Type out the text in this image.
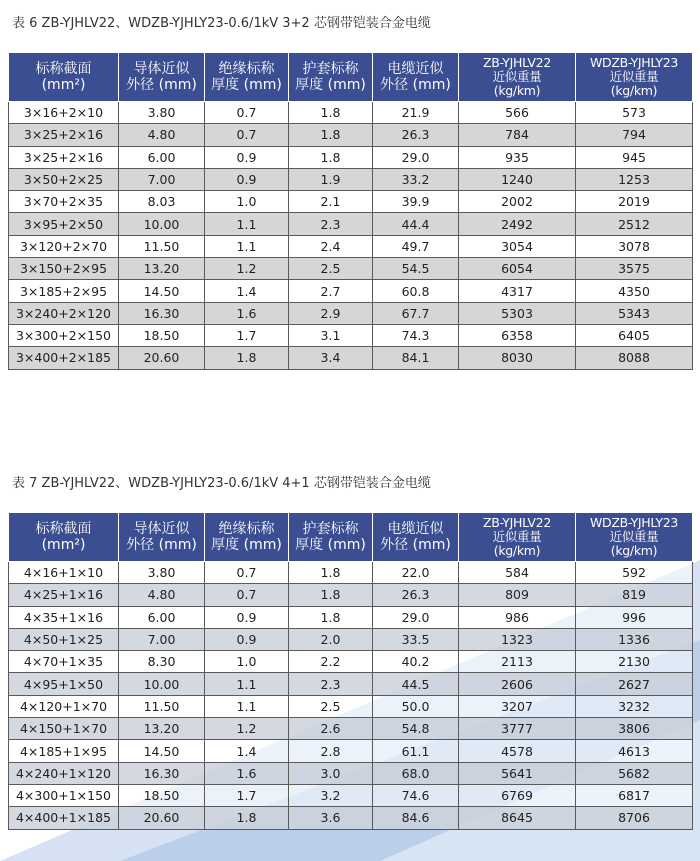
表 6 ZB-YJHLV22、WDZB-YJHLY23-0.6/1kV 3+2 芯钢带铠装合金电缆
标称截面
(mm²)	导体近似
外径 (mm)	绝缘标称
厚度 (mm)	护套标称
厚度 (mm)	电缆近似
外径 (mm)	ZB-YJHLV22
近似重量
(kg/km)	WDZB-YJHLY23
近似重量
(kg/km)

3×16+2×10	3.80	0.7	1.8	21.9	566	573
3×25+2×16	4.80	0.7	1.8	26.3	784	794
3×25+2×16	6.00	0.9	1.8	29.0	935	945
3×50+2×25	7.00	0.9	1.9	33.2	1240	1253
3×70+2×35	8.03	1.0	2.1	39.9	2002	2019
3×95+2×50	10.00	1.1	2.3	44.4	2492	2512
3×120+2×70	11.50	1.1	2.4	49.7	3054	3078
3×150+2×95	13.20	1.2	2.5	54.5	6054	3575
3×185+2×95	14.50	1.4	2.7	60.8	4317	4350
3×240+2×120	16.30	1.6	2.9	67.7	5303	5343
3×300+2×150	18.50	1.7	3.1	74.3	6358	6405
3×400+2×185	20.60	1.8	3.4	84.1	8030	8088
表 7 ZB-YJHLV22、WDZB-YJHLY23-0.6/1kV 4+1 芯钢带铠装合金电缆
标称截面
(mm²)	导体近似
外径 (mm)	绝缘标称
厚度 (mm)	护套标称
厚度 (mm)	电缆近似
外径 (mm)	ZB-YJHLV22
近似重量
(kg/km)	WDZB-YJHLY23
近似重量
(kg/km)

4×16+1×10	3.80	0.7	1.8	22.0	584	592
4×25+1×16	4.80	0.7	1.8	26.3	809	819
4×35+1×16	6.00	0.9	1.8	29.0	986	996
4×50+1×25	7.00	0.9	2.0	33.5	1323	1336
4×70+1×35	8.30	1.0	2.2	40.2	2113	2130
4×95+1×50	10.00	1.1	2.3	44.5	2606	2627
4×120+1×70	11.50	1.1	2.5	50.0	3207	3232
4×150+1×70	13.20	1.2	2.6	54.8	3777	3806
4×185+1×95	14.50	1.4	2.8	61.1	4578	4613
4×240+1×120	16.30	1.6	3.0	68.0	5641	5682
4×300+1×150	18.50	1.7	3.2	74.6	6769	6817
4×400+1×185	20.60	1.8	3.6	84.6	8645	8706
